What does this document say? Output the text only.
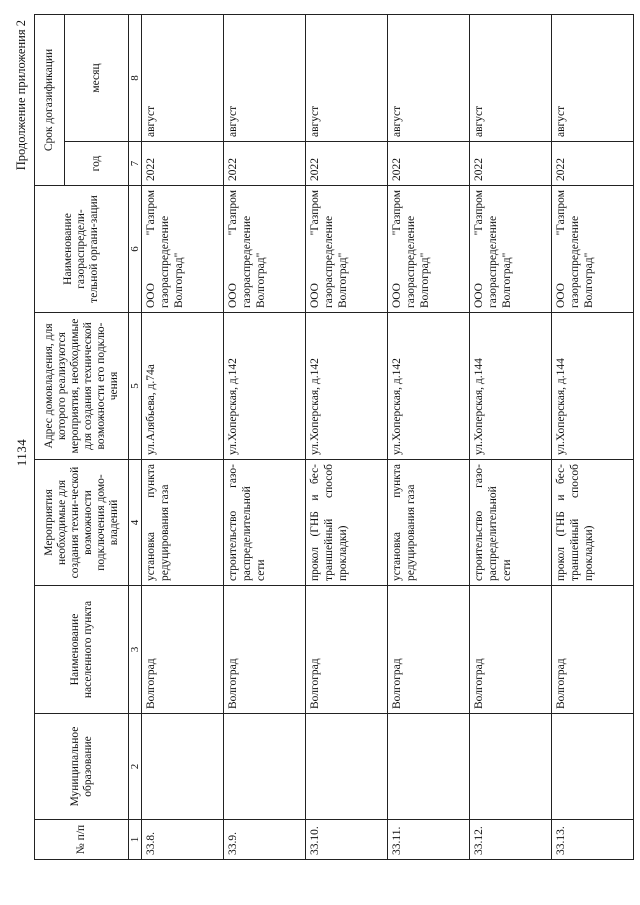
1134
Продолжение приложения 2
№ п/п	Муниципальное образование	Наименование населенного пункта	Мероприятия необходимые для создания техни-ческой возможности подключения домо-владений	Адрес домовладения, для которого реализуются мероприятия, необходимые для создания технической возможности его подклю-чения	Наименование газораспредели-тельной органи-зации	Срок догазификации	
						год	месяц
1	2	3	4	5	6	7	8
33.8.		Волгоград	установка пункта редуцирования газа	ул.Алябьева, д.74а	ООО "Газпром газораспределение Волгоград"	2022	август
33.9.		Волгоград	строительство газо-распределительной сети	ул.Хоперская, д.142	ООО "Газпром газораспределение Волгоград"	2022	август
33.10.		Волгоград	прокол (ГНБ и бес-траншейный способ прокладки)	ул.Хоперская, д.142	ООО "Газпром газораспределение Волгоград"	2022	август
33.11.		Волгоград	установка пункта редуцирования газа	ул.Хоперская, д.142	ООО "Газпром газораспределение Волгоград"	2022	август
33.12.		Волгоград	строительство газо-распределительной сети	ул.Хоперская, д.144	ООО "Газпром газораспределение Волгоград"	2022	август
33.13.		Волгоград	прокол (ГНБ и бес-траншейный способ прокладки)	ул.Хоперская, д.144	ООО "Газпром газораспределение Волгоград"	2022	август
